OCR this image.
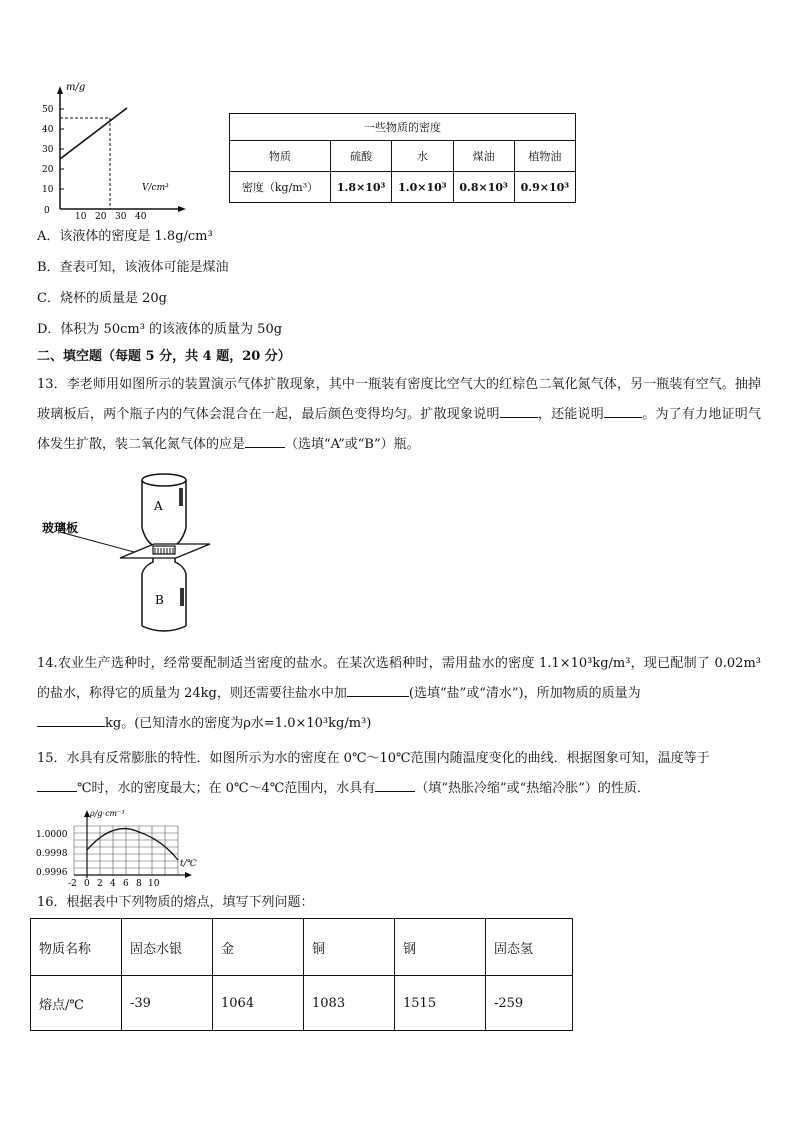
m/g
V/cm³
50
40
30
20
10
0
10 20 30 40
一些物质的密度				
物质	硫酸	水	煤油	植物油
密度（kg/m³）	1.8×10³	1.0×10³	0.8×10³	0.9×10³
A．该液体的密度是 1.8g/cm³
B．查表可知，该液体可能是煤油
C．烧杯的质量是 20g
D．体积为 50cm³ 的该液体的质量为 50g
二、填空题（每题 5 分，共 4 题，20 分）
13．李老师用如图所示的装置演示气体扩散现象，其中一瓶装有密度比空气大的红棕色二氧化氮气体，另一瓶装有空气。抽掉玻璃板后，两个瓶子内的气体会混合在一起，最后颜色变得均匀。扩散现象说明	，还能说明	。为了有力地证明气体发生扩散，装二氧化氮气体的应是	（选填“A”或“B”）瓶。
A
B
玻璃板
14.农业生产选种时，经常要配制适当密度的盐水。在某次选稻种时，需用盐水的密度 1.1×10³kg/m³，现已配制了 0.02m³的盐水，称得它的质量为 24kg，则还需要往盐水中加	(选填“盐”或“清水”)，所加物质的质量为
kg。(已知清水的密度为ρ水=1.0×10³kg/m³)
15．水具有反常膨胀的特性．如图所示为水的密度在 0℃～10℃范围内随温度变化的曲线．根据图象可知，温度等于
℃时，水的密度最大；在 0℃～4℃范围内，水具有	（填“热胀冷缩”或“热缩冷胀”）的性质．
ρ/g·cm⁻³
t/℃
1.0000
0.9998
0.9996
-2 0 2 4 6 8 10
16．根据表中下列物质的熔点，填写下列问题：
物质名称	固态水银	金	铜	钢	固态氢
熔点/℃	-39	1064	1083	1515	-259
